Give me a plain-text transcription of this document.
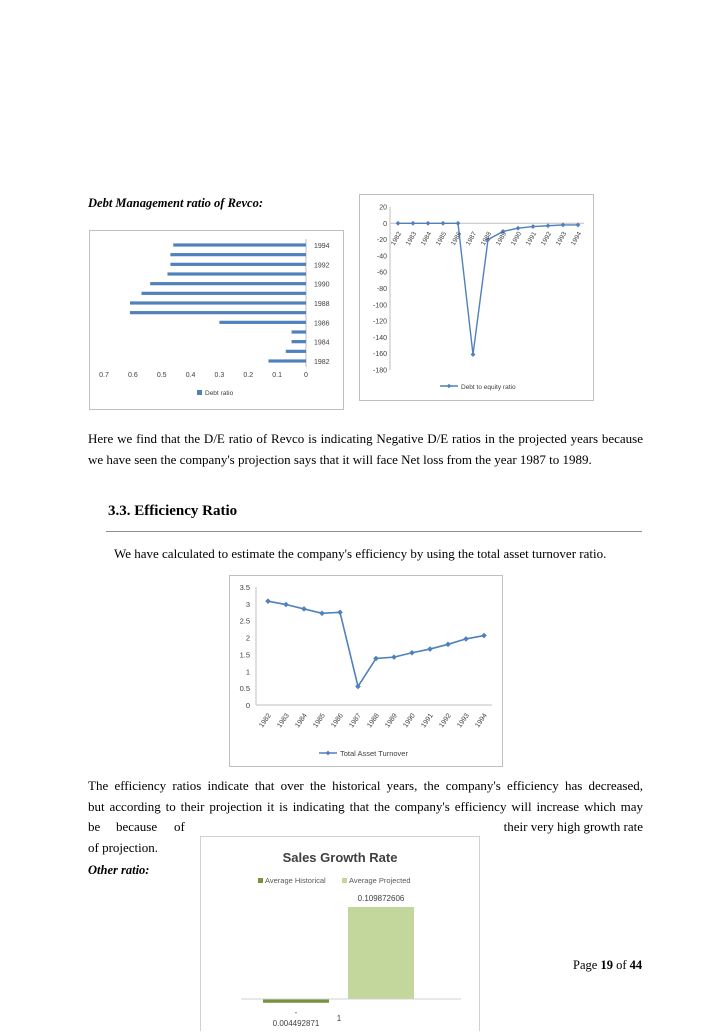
Debt Management ratio of Revco:
1982
1984
1986
1988
1990
1992
1994
0.7	0.6	0.5	0.4	0.3	0.2	0.1	0
Debt ratio
20
0
-20
-40
-60
-80
-100
-120
-140
-160
-180
1982 1983 1984 1985 1986 1987 1988 1989 1990 1991 1992 1993 1994
Debt to equity ratio
Here we find that the D/E ratio of Revco is indicating Negative D/E ratios in the projected years because we have seen the company's projection says that it will face Net loss from the year 1987 to 1989.
3.3. Efficiency Ratio
We have calculated to estimate the company's efficiency by using the total asset turnover ratio.
3.5
3
2.5
2
1.5
1
0.5
0
1982 1983 1984 1985 1986 1987 1988 1989 1990 1991 1992 1993 1994
Total Asset Turnover
The efficiency ratios indicate that over the historical years, the company's efficiency has decreased,
but according to their projection it is indicating that the company's efficiency will increase which may
be because of	their very high growth rate
of projection.
Other ratio:
Sales Growth Rate
Average Historical	Average Projected
0.109872606
-
0.004492871
1
Page 19 of 44
